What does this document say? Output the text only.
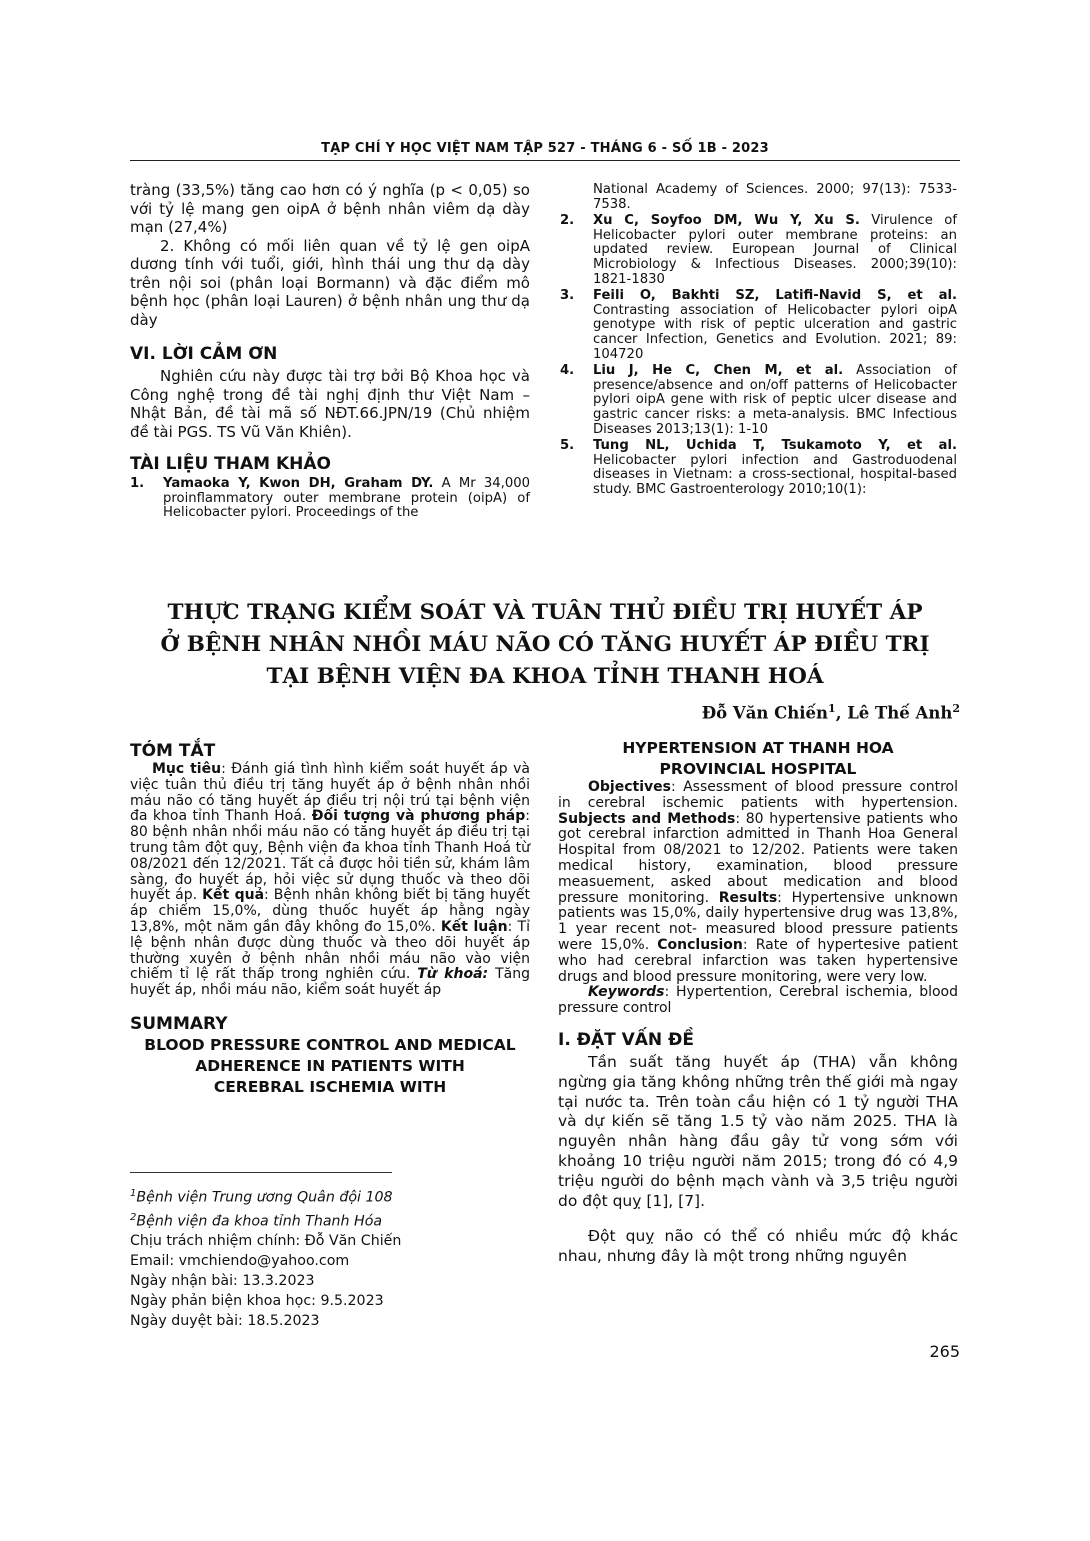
TẠP CHÍ Y HỌC VIỆT NAM TẬP 527 - THÁNG 6 - SỐ 1B - 2023

tràng (33,5%) tăng cao hơn có ý nghĩa (p < 0,05) so với tỷ lệ mang gen oipA ở bệnh nhân viêm dạ dày mạn (27,4%)

2. Không có mối liên quan về tỷ lệ gen oipA dương tính với tuổi, giới, hình thái ung thư dạ dày trên nội soi (phân loại Bormann) và đặc điểm mô bệnh học (phân loại Lauren) ở bệnh nhân ung thư dạ dày

VI. LỜI CẢM ƠN

Nghiên cứu này được tài trợ bởi Bộ Khoa học và Công nghệ trong đề tài nghị định thư Việt Nam – Nhật Bản, đề tài mã số NĐT.66.JPN/19 (Chủ nhiệm đề tài PGS. TS Vũ Văn Khiên).

TÀI LIỆU THAM KHẢO

1. Yamaoka Y, Kwon DH, Graham DY. A Mr 34,000 proinflammatory outer membrane protein (oipA) of Helicobacter pylori. Proceedings of the
National Academy of Sciences. 2000; 97(13): 7533-7538.
2. Xu C, Soyfoo DM, Wu Y, Xu S. Virulence of Helicobacter pylori outer membrane proteins: an updated review. European Journal of Clinical Microbiology & Infectious Diseases. 2000;39(10): 1821-1830
3. Feili O, Bakhti SZ, Latifi-Navid S, et al. Contrasting association of Helicobacter pylori oipA genotype with risk of peptic ulceration and gastric cancer Infection, Genetics and Evolution. 2021; 89: 104720
4. Liu J, He C, Chen M, et al. Association of presence/absence and on/off patterns of Helicobacter pylori oipA gene with risk of peptic ulcer disease and gastric cancer risks: a meta-analysis. BMC Infectious Diseases 2013;13(1): 1-10
5. Tung NL, Uchida T, Tsukamoto Y, et al. Helicobacter pylori infection and Gastroduodenal diseases in Vietnam: a cross-sectional, hospital-based study. BMC Gastroenterology 2010;10(1):
THỰC TRẠNG KIỂM SOÁT VÀ TUÂN THỦ ĐIỀU TRỊ HUYẾT ÁP
Ở BỆNH NHÂN NHỒI MÁU NÃO CÓ TĂNG HUYẾT ÁP ĐIỀU TRỊ
TẠI BỆNH VIỆN ĐA KHOA TỈNH THANH HOÁ
Đỗ Văn Chiến$^1$, Lê Thế Anh$^2$

TÓM TẮT

Mục tiêu: Đánh giá tình hình kiểm soát huyết áp và việc tuân thủ điều trị tăng huyết áp ở bệnh nhân nhồi máu não có tăng huyết áp điều trị nội trú tại bệnh viện đa khoa tỉnh Thanh Hoá. Đối tượng và phương pháp: 80 bệnh nhân nhồi máu não có tăng huyết áp điều trị tại trung tâm đột quỵ, Bệnh viện đa khoa tỉnh Thanh Hoá từ 08/2021 đến 12/2021. Tất cả được hỏi tiền sử, khám lâm sàng, đo huyết áp, hỏi việc sử dụng thuốc và theo dõi huyết áp. Kết quả: Bệnh nhân không biết bị tăng huyết áp chiếm 15,0%, dùng thuốc huyết áp hằng ngày 13,8%, một năm gần đây không đo 15,0%. Kết luận: Tỉ lệ bệnh nhân được dùng thuốc và theo dõi huyết áp thường xuyên ở bệnh nhân nhồi máu não vào viện chiếm tỉ lệ rất thấp trong nghiên cứu. Từ khoá: Tăng huyết áp, nhồi máu não, kiểm soát huyết áp

SUMMARY

BLOOD PRESSURE CONTROL AND MEDICAL
ADHERENCE IN PATIENTS WITH
CEREBRAL ISCHEMIA WITH
$^1$Bệnh viện Trung ương Quân đội 108
$^2$Bệnh viện đa khoa tỉnh Thanh Hóa
Chịu trách nhiệm chính: Đỗ Văn Chiến
Email: vmchiendo@yahoo.com
Ngày nhận bài: 13.3.2023
Ngày phản biện khoa học: 9.5.2023
Ngày duyệt bài: 18.5.2023
HYPERTENSION AT THANH HOA
PROVINCIAL HOSPITAL

Objectives: Assessment of blood pressure control in cerebral ischemic patients with hypertension. Subjects and Methods: 80 hypertensive patients who got cerebral infarction admitted in Thanh Hoa General Hospital from 08/2021 to 12/202. Patients were taken medical history, examination, blood pressure measuement, asked about medication and blood pressure monitoring. Results: Hypertensive unknown patients was 15,0%, daily hypertensive drug was 13,8%, 1 year recent not- measured blood pressure patients were 15,0%. Conclusion: Rate of hypertesive patient who had cerebral infarction was taken hypertensive drugs and blood pressure monitoring, were very low.

Keywords: Hypertention, Cerebral ischemia, blood pressure control

I. ĐẶT VẤN ĐỀ

Tần suất tăng huyết áp (THA) vẫn không ngừng gia tăng không những trên thế giới mà ngay tại nước ta. Trên toàn cầu hiện có 1 tỷ người THA và dự kiến sẽ tăng 1.5 tỷ vào năm 2025. THA là nguyên nhân hàng đầu gây tử vong sớm với khoảng 10 triệu người năm 2015; trong đó có 4,9 triệu người do bệnh mạch vành và 3,5 triệu người do đột quỵ [1], [7].

Đột quỵ não có thể có nhiều mức độ khác nhau, nhưng đây là một trong những nguyên

265
